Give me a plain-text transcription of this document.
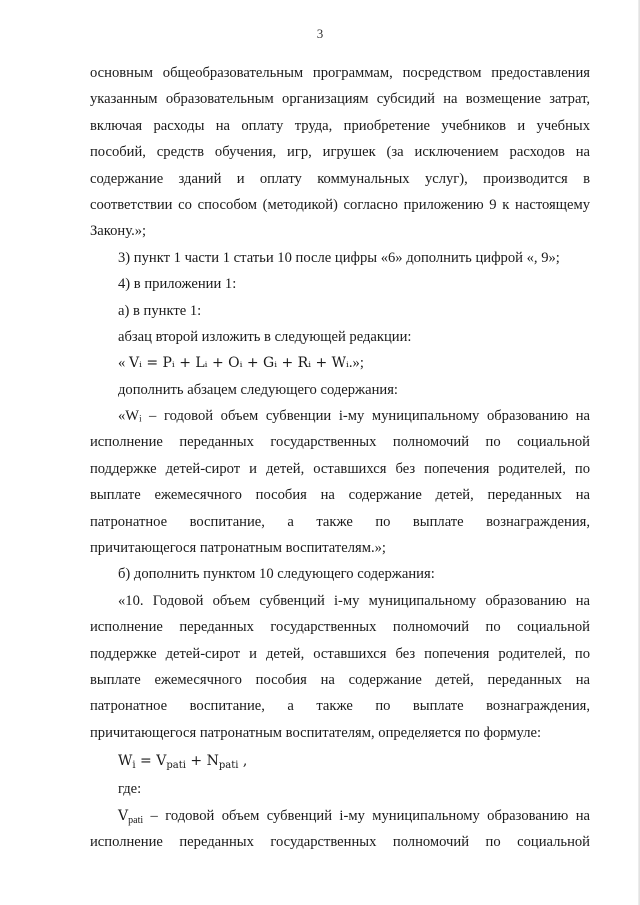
3
основным общеобразовательным программам, посредством предоставления
указанным образовательным организациям субсидий на возмещение затрат,
включая расходы на оплату труда, приобретение учебников и учебных
пособий, средств обучения, игр, игрушек (за исключением расходов на
содержание зданий и оплату коммунальных услуг), производится в
соответствии со способом (методикой) согласно приложению 9 к настоящему
Закону.»;
3) пункт 1 части 1 статьи 10 после цифры «6» дополнить цифрой «, 9»;
4) в приложении 1:
а) в пункте 1:
абзац второй изложить в следующей редакции:
« Vᵢ = Pᵢ + Lᵢ + Oᵢ + Gᵢ + Rᵢ + Wᵢ.»;
дополнить абзацем следующего содержания:
«Wᵢ – годовой объем субвенции i-му муниципальному образованию на
исполнение переданных государственных полномочий по социальной
поддержке детей-сирот и детей, оставшихся без попечения родителей, по
выплате ежемесячного пособия на содержание детей, переданных на
патронатное воспитание, а также по выплате вознаграждения,
причитающегося патронатным воспитателям.»;
б) дополнить пунктом 10 следующего содержания:
«10. Годовой объем субвенций i-му муниципальному образованию на
исполнение переданных государственных полномочий по социальной
поддержке детей-сирот и детей, оставшихся без попечения родителей, по
выплате ежемесячного пособия на содержание детей, переданных на
патронатное воспитание, а также по выплате вознаграждения,
причитающегося патронатным воспитателям, определяется по формуле:
$W_i = V_{pati} + N_{pati}$ ,
где:
$V_{pati}$ – годовой объем субвенций i-му муниципальному образованию на
исполнение переданных государственных полномочий по социальной
